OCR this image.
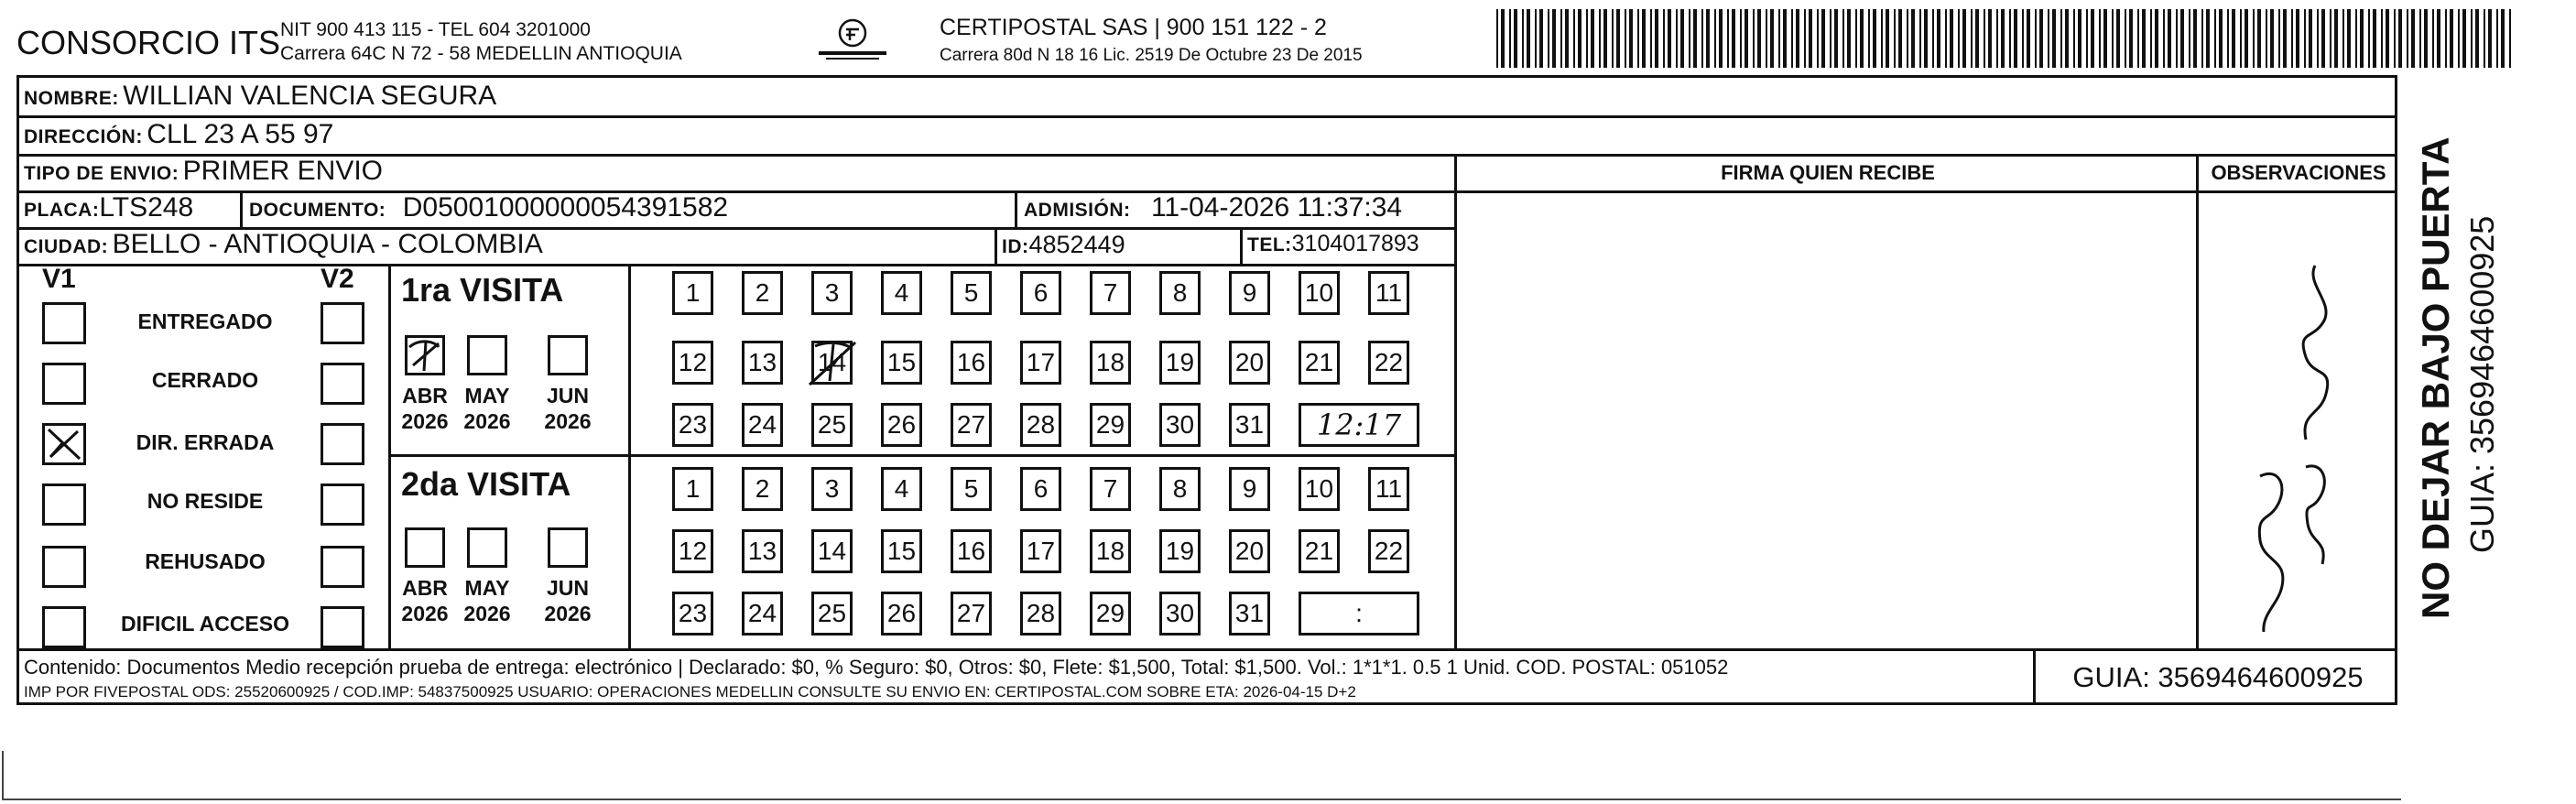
CONSORCIO ITS NIT 900 413 115 - TEL 604 3201000
Carrera 64C N 72 - 58 MEDELLIN ANTIOQUIA
CERTIPOSTAL SAS | 900 151 122 - 2
Carrera 80d N 18 16 Lic. 2519 De Octubre 23 De 2015
NOMBRE: WILLIAN VALENCIA SEGURA
DIRECCIÓN: CLL 23 A 55 97
TIPO DE ENVIO: PRIMER ENVIO	FIRMA QUIEN RECIBE	OBSERVACIONES
PLACA:LTS248	DOCUMENTO: D05001000000054391582	ADMISIÓN: 11-04-2026 11:37:34
CIUDAD: BELLO - ANTIOQUIA - COLOMBIA	ID:4852449	TEL:3104017893
V1	V2
ENTREGADO
CERRADO
DIR. ERRADA
NO RESIDE
REHUSADO
DIFICIL ACCESO
1ra VISITA
2da VISITA
ABR
2026
MAY
2026
JUN
2026
ABR
2026
MAY
2026
JUN
2026
1	2	3	4	5	6	7	8	9	10 11
12 13 14 15 16 17 18 19 20 21 22
23 24 25 26 27 28 29 30 31	12:17
1	2	3	4	5	6	7	8	9	10 11
12 13 14 15 16 17 18 19 20 21 22
23 24 25 26 27 28 29 30 31	:
Contenido: Documentos Medio recepción prueba de entrega: electrónico | Declarado: $0, % Seguro: $0, Otros: $0, Flete: $1,500, Total: $1,500. Vol.: 1*1*1. 0.5 1 Unid. COD. POSTAL: 051052
IMP POR FIVEPOSTAL ODS: 25520600925 / COD.IMP: 54837500925 USUARIO: OPERACIONES MEDELLIN CONSULTE SU ENVIO EN: CERTIPOSTAL.COM SOBRE ETA: 2026-04-15 D+2	GUIA: 3569464600925
NO DEJAR BAJO PUERTA GUIA: 3569464600925
